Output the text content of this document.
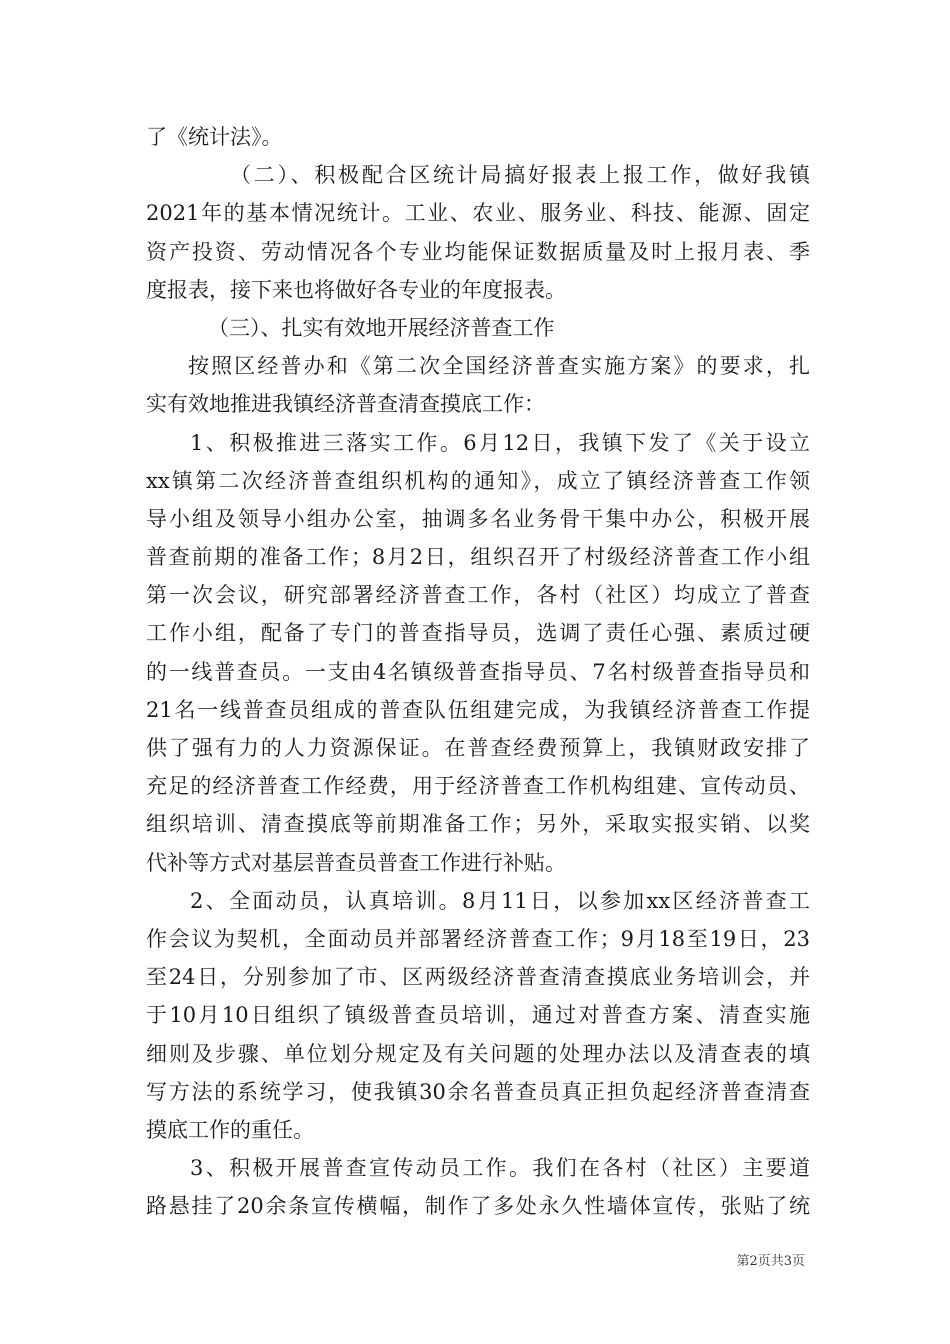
了《统计法》。
（二）、积极配合区统计局搞好报表上报工作，做好我镇
2021年的基本情况统计。工业、农业、服务业、科技、能源、固定
资产投资、劳动情况各个专业均能保证数据质量及时上报月表、季
度报表，接下来也将做好各专业的年度报表。
（三）、扎实有效地开展经济普查工作
按照区经普办和《第二次全国经济普查实施方案》的要求，扎
实有效地推进我镇经济普查清查摸底工作：
1、积极推进三落实工作。6月12日，我镇下发了《关于设立
xx镇第二次经济普查组织机构的通知》，成立了镇经济普查工作领
导小组及领导小组办公室，抽调多名业务骨干集中办公，积极开展
普查前期的准备工作；8月2日，组织召开了村级经济普查工作小组
第一次会议，研究部署经济普查工作，各村（社区）均成立了普查
工作小组，配备了专门的普查指导员，选调了责任心强、素质过硬
的一线普查员。一支由4名镇级普查指导员、7名村级普查指导员和
21名一线普查员组成的普查队伍组建完成，为我镇经济普查工作提
供了强有力的人力资源保证。在普查经费预算上，我镇财政安排了
充足的经济普查工作经费，用于经济普查工作机构组建、宣传动员、
组织培训、清查摸底等前期准备工作；另外，采取实报实销、以奖
代补等方式对基层普查员普查工作进行补贴。
2、全面动员，认真培训。8月11日，以参加xx区经济普查工
作会议为契机，全面动员并部署经济普查工作；9月18至19日，23
至24日，分别参加了市、区两级经济普查清查摸底业务培训会，并
于10月10日组织了镇级普查员培训，通过对普查方案、清查实施
细则及步骤、单位划分规定及有关问题的处理办法以及清查表的填
写方法的系统学习，使我镇30余名普查员真正担负起经济普查清查
摸底工作的重任。
3、积极开展普查宣传动员工作。我们在各村（社区）主要道
路悬挂了20余条宣传横幅，制作了多处永久性墙体宣传，张贴了统
第2页共3页
